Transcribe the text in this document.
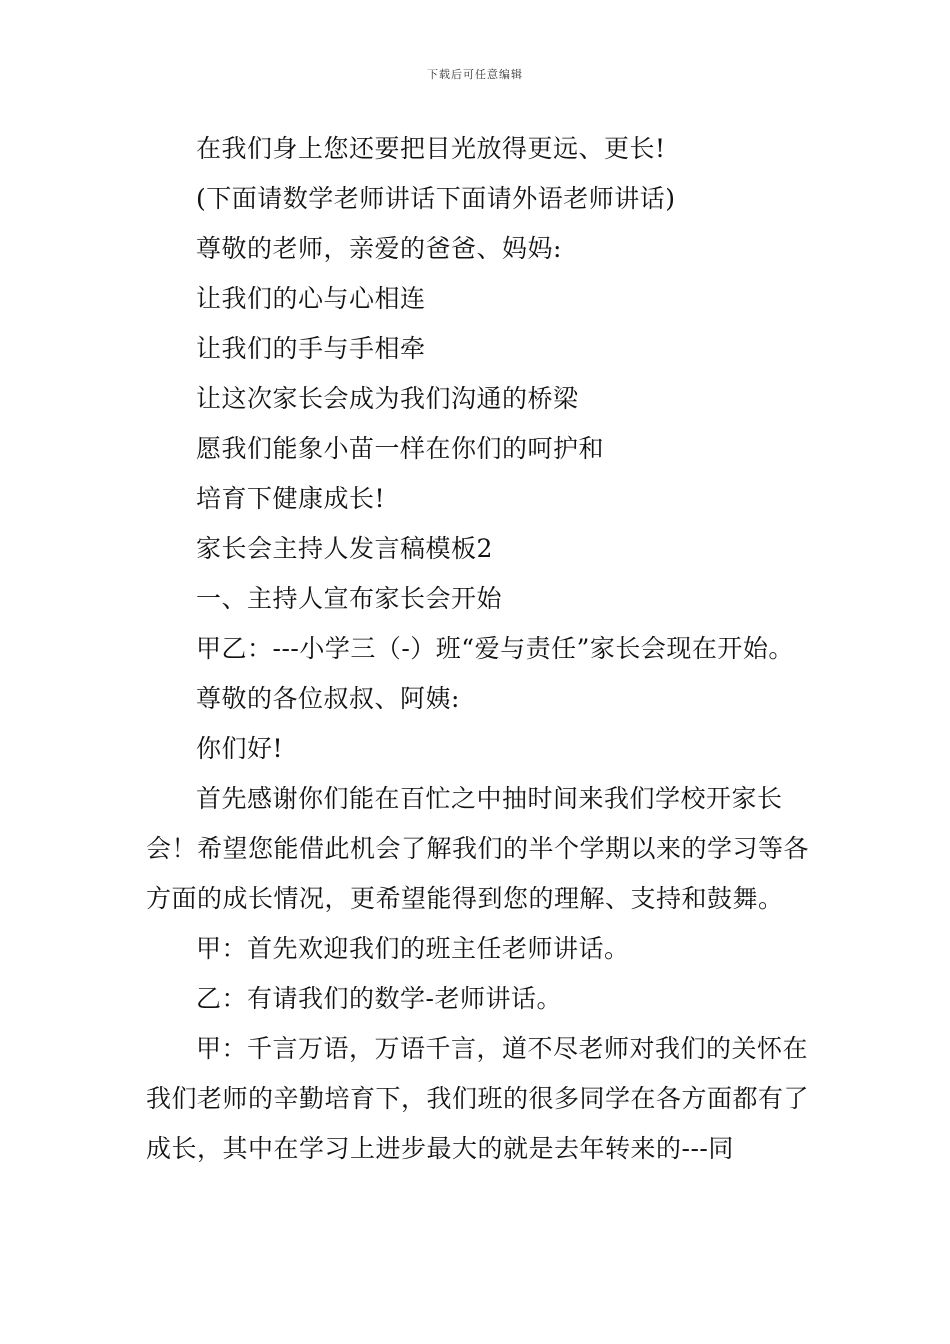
下载后可任意编辑

在我们身上您还要把目光放得更远、更长!

(下面请数学老师讲话下面请外语老师讲话)

尊敬的老师，亲爱的爸爸、妈妈:

让我们的心与心相连

让我们的手与手相牵

让这次家长会成为我们沟通的桥梁

愿我们能象小苗一样在你们的呵护和

培育下健康成长!

家长会主持人发言稿模板2

一、主持人宣布家长会开始

甲乙：---小学三（-）班“爱与责任”家长会现在开始。

尊敬的各位叔叔、阿姨:

你们好!

首先感谢你们能在百忙之中抽时间来我们学校开家长会！希望您能借此机会了解我们的半个学期以来的学习等各方面的成长情况，更希望能得到您的理解、支持和鼓舞。

甲：首先欢迎我们的班主任老师讲话。

乙：有请我们的数学-老师讲话。

甲：千言万语，万语千言，道不尽老师对我们的关怀在我们老师的辛勤培育下，我们班的很多同学在各方面都有了成长，其中在学习上进步最大的就是去年转来的---同
